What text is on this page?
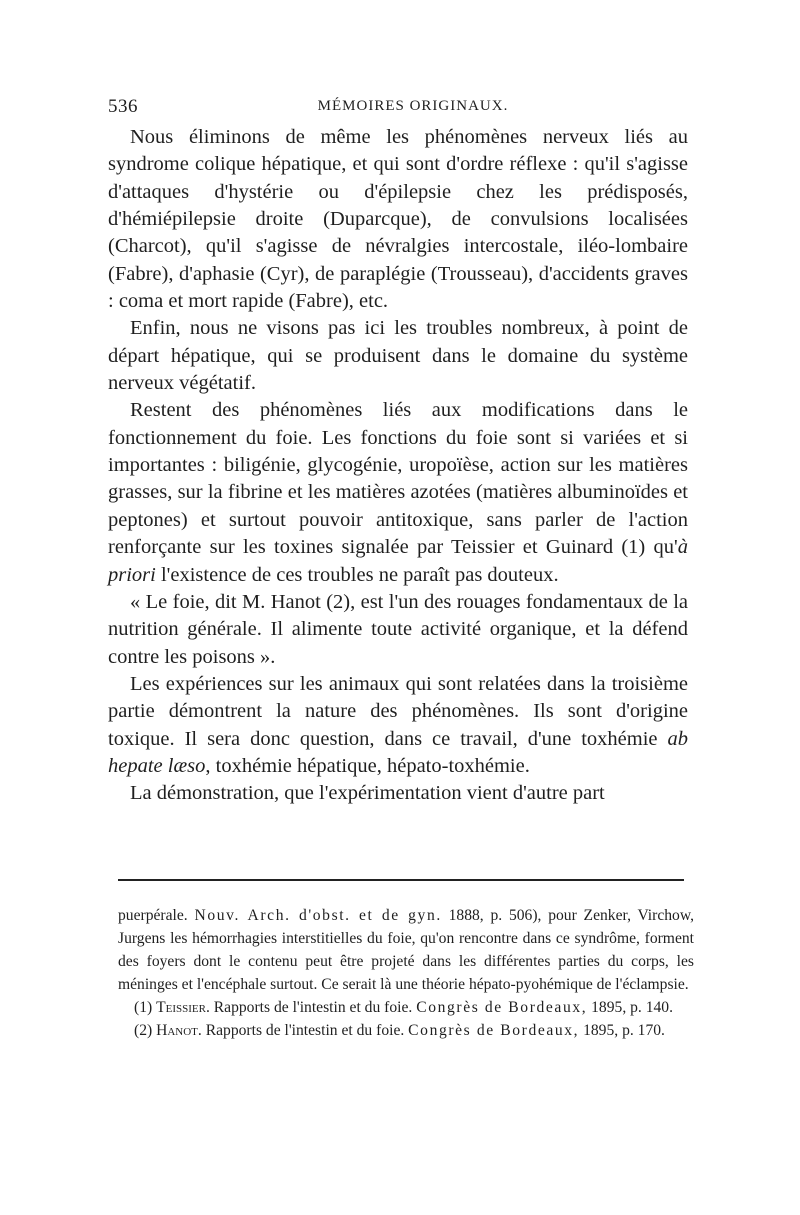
536	MÉMOIRES ORIGINAUX.

Nous éliminons de même les phénomènes nerveux liés au syndrome colique hépatique, et qui sont d'ordre réflexe : qu'il s'agisse d'attaques d'hystérie ou d'épilepsie chez les prédisposés, d'hémiépilepsie droite (Duparcque), de convulsions localisées (Charcot), qu'il s'agisse de névralgies intercostale, iléo-lombaire (Fabre), d'aphasie (Cyr), de paraplégie (Trousseau), d'accidents graves : coma et mort rapide (Fabre), etc.

Enfin, nous ne visons pas ici les troubles nombreux, à point de départ hépatique, qui se produisent dans le domaine du système nerveux végétatif.

Restent des phénomènes liés aux modifications dans le fonctionnement du foie. Les fonctions du foie sont si variées et si importantes : biligénie, glycogénie, uropoïèse, action sur les matières grasses, sur la fibrine et les matières azotées (matières albuminoïdes et peptones) et surtout pouvoir antitoxique, sans parler de l'action renforçante sur les toxines signalée par Teissier et Guinard (1) qu'à priori l'existence de ces troubles ne paraît pas douteux.

« Le foie, dit M. Hanot (2), est l'un des rouages fondamentaux de la nutrition générale. Il alimente toute activité organique, et la défend contre les poisons ».

Les expériences sur les animaux qui sont relatées dans la troisième partie démontrent la nature des phénomènes. Ils sont d'origine toxique. Il sera donc question, dans ce travail, d'une toxhémie ab hepate læso, toxhémie hépatique, hépato-toxhémie.

La démonstration, que l'expérimentation vient d'autre part

puerpérale. Nouv. Arch. d'obst. et de gyn. 1888, p. 506), pour Zenker, Virchow, Jurgens les hémorrhagies interstitielles du foie, qu'on rencontre dans ce syndrôme, forment des foyers dont le contenu peut être projeté dans les différentes parties du corps, les méninges et l'encéphale surtout. Ce serait là une théorie hépato-pyohémique de l'éclampsie.

(1) Teissier. Rapports de l'intestin et du foie. Congrès de Bordeaux, 1895, p. 140.

(2) Hanot. Rapports de l'intestin et du foie. Congrès de Bordeaux, 1895, p. 170.
